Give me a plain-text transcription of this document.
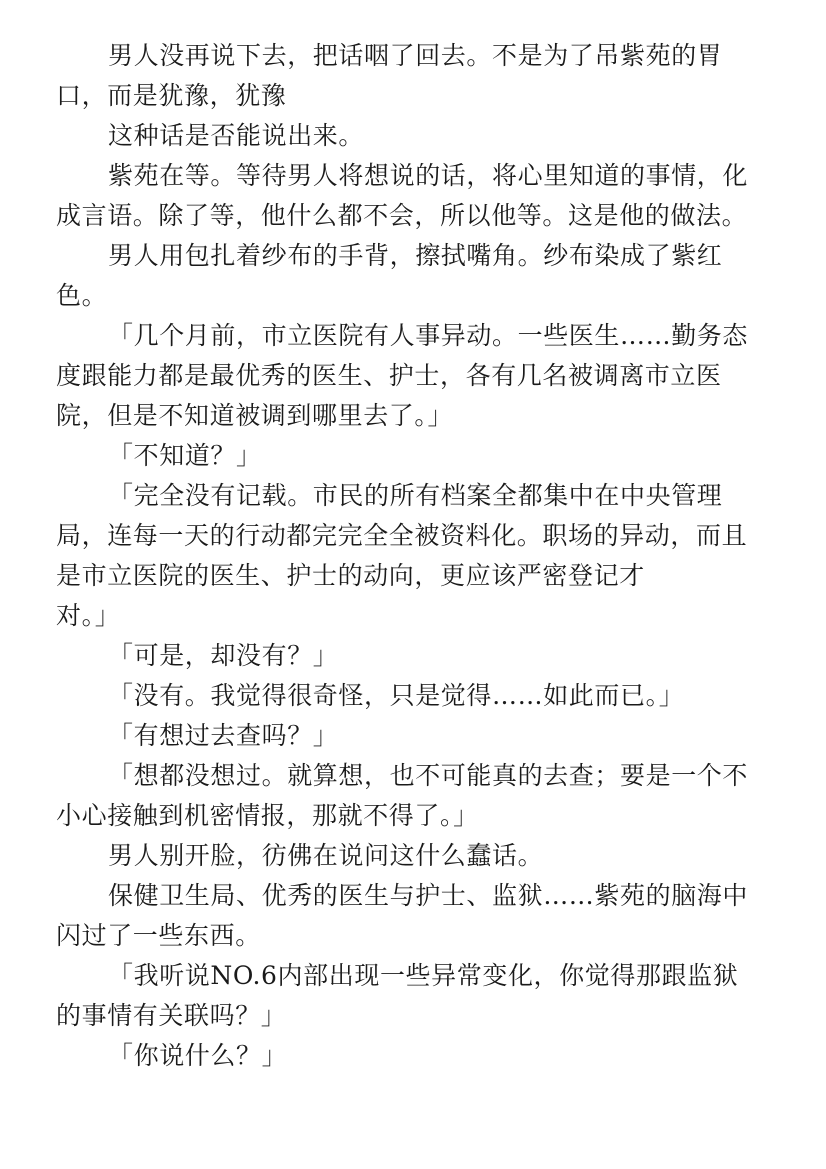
男人没再说下去，把话咽了回去。不是为了吊紫苑的胃口，而是犹豫，犹豫

这种话是否能说出来。

紫苑在等。等待男人将想说的话，将心里知道的事情，化成言语。除了等，他什么都不会，所以他等。这是他的做法。

男人用包扎着纱布的手背，擦拭嘴角。纱布染成了紫红色。

「几个月前，市立医院有人事异动。一些医生……勤务态度跟能力都是最优秀的医生、护士，各有几名被调离市立医院，但是不知道被调到哪里去了。」

「不知道？」

「完全没有记载。市民的所有档案全都集中在中央管理局，连每一天的行动都完完全全被资料化。职场的异动，而且是市立医院的医生、护士的动向，更应该严密登记才
对。」

「可是，却没有？」

「没有。我觉得很奇怪，只是觉得……如此而已。」

「有想过去查吗？」

「想都没想过。就算想，也不可能真的去查；要是一个不小心接触到机密情报，那就不得了。」

男人别开脸，彷佛在说问这什么蠢话。

保健卫生局、优秀的医生与护士、监狱……紫苑的脑海中闪过了一些东西。

「我听说NO.6内部出现一些异常变化，你觉得那跟监狱的事情有关联吗？」

「你说什么？」
